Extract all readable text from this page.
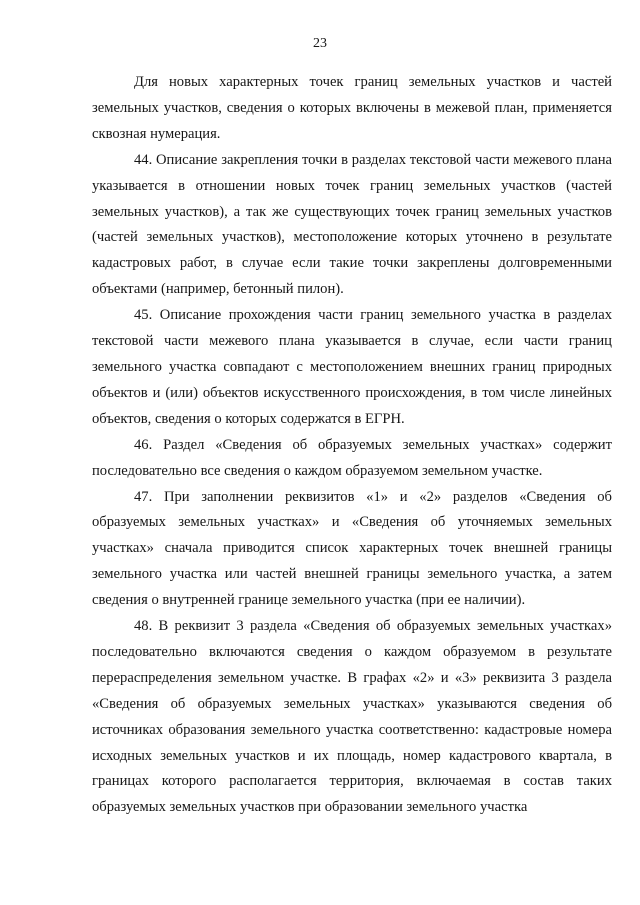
23

Для новых характерных точек границ земельных участков и частей земельных участков, сведения о которых включены в межевой план, применяется сквозная нумерация.

44. Описание закрепления точки в разделах текстовой части межевого плана указывается в отношении новых точек границ земельных участков (частей земельных участков), а так же существующих точек границ земельных участков (частей земельных участков), местоположение которых уточнено в результате кадастровых работ, в случае если такие точки закреплены долговременными объектами (например, бетонный пилон).

45. Описание прохождения части границ земельного участка в разделах текстовой части межевого плана указывается в случае, если части границ земельного участка совпадают с местоположением внешних границ природных объектов и (или) объектов искусственного происхождения, в том числе линейных объектов, сведения о которых содержатся в ЕГРН.

46. Раздел «Сведения об образуемых земельных участках» содержит последовательно все сведения о каждом образуемом земельном участке.

47. При заполнении реквизитов «1» и «2» разделов «Сведения об образуемых земельных участках» и «Сведения об уточняемых земельных участках» сначала приводится список характерных точек внешней границы земельного участка или частей внешней границы земельного участка, а затем сведения о внутренней границе земельного участка (при ее наличии).

48. В реквизит 3 раздела «Сведения об образуемых земельных участках» последовательно включаются сведения о каждом образуемом в результате перераспределения земельном участке. В графах «2» и «3» реквизита 3 раздела «Сведения об образуемых земельных участках» указываются сведения об источниках образования земельного участка соответственно: кадастровые номера исходных земельных участков и их площадь, номер кадастрового квартала, в границах которого располагается территория, включаемая в состав таких образуемых земельных участков при образовании земельного участка
